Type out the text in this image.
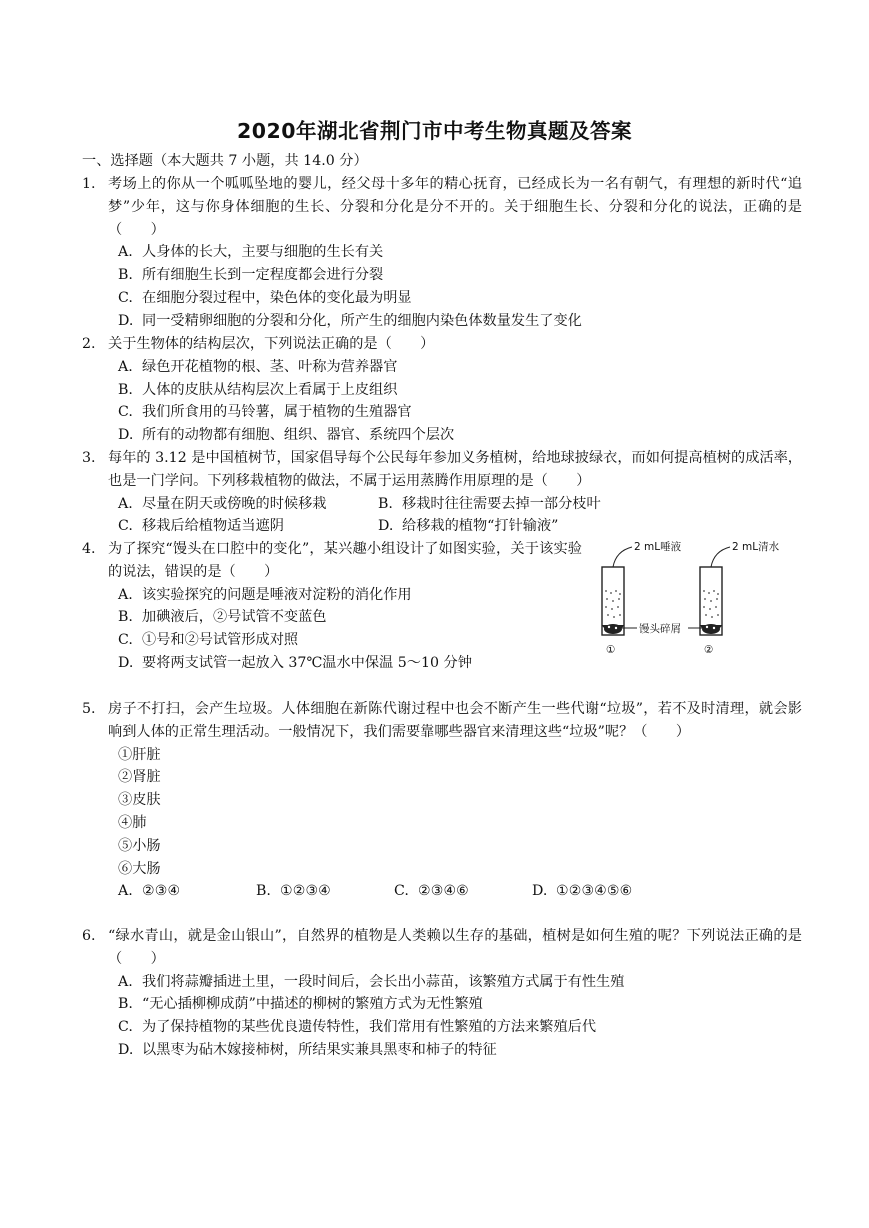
2020年湖北省荆门市中考生物真题及答案
一、选择题（本大题共 7 小题，共 14.0 分）
1. 考场上的你从一个呱呱坠地的婴儿，经父母十多年的精心抚育，已经成长为一名有朝气，有理想的新时代“追梦”少年，这与你身体细胞的生长、分裂和分化是分不开的。关于细胞生长、分裂和分化的说法，正确的是（　　）
A. 人身体的长大，主要与细胞的生长有关
B. 所有细胞生长到一定程度都会进行分裂
C. 在细胞分裂过程中，染色体的变化最为明显
D. 同一受精卵细胞的分裂和分化，所产生的细胞内染色体数量发生了变化
2. 关于生物体的结构层次，下列说法正确的是（　　）
A. 绿色开花植物的根、茎、叶称为营养器官
B. 人体的皮肤从结构层次上看属于上皮组织
C. 我们所食用的马铃薯，属于植物的生殖器官
D. 所有的动物都有细胞、组织、器官、系统四个层次
3. 每年的 3.12 是中国植树节，国家倡导每个公民每年参加义务植树，给地球披绿衣，而如何提高植树的成活率，也是一门学问。下列移栽植物的做法，不属于运用蒸腾作用原理的是（　　）
A. 尽量在阴天或傍晚的时候移栽	B. 移栽时往往需要去掉一部分枝叶
C. 移栽后给植物适当遮阴	D. 给移栽的植物“打针输液”
4. 为了探究“馒头在口腔中的变化”，某兴趣小组设计了如图实验，关于该实验的说法，错误的是（　　）
A. 该实验探究的问题是唾液对淀粉的消化作用
B. 加碘液后，②号试管不变蓝色
C. ①号和②号试管形成对照
D. 要将两支试管一起放入 37℃温水中保温 5～10 分钟
2 mL唾液	2 mL清水
馒头碎屑
①	②
5. 房子不打扫，会产生垃圾。人体细胞在新陈代谢过程中也会不断产生一些代谢“垃圾”，若不及时清理，就会影响到人体的正常生理活动。一般情况下，我们需要靠哪些器官来清理这些“垃圾”呢？（　　）
①肝脏
②肾脏
③皮肤
④肺
⑤小肠
⑥大肠
A. ②③④	B. ①②③④	C. ②③④⑥	D. ①②③④⑤⑥
6. “绿水青山，就是金山银山”，自然界的植物是人类赖以生存的基础，植树是如何生殖的呢？下列说法正确的是（　　）
A. 我们将蒜瓣插进土里，一段时间后，会长出小蒜苗，该繁殖方式属于有性生殖
B. “无心插柳柳成荫”中描述的柳树的繁殖方式为无性繁殖
C. 为了保持植物的某些优良遗传特性，我们常用有性繁殖的方法来繁殖后代
D. 以黑枣为砧木嫁接柿树，所结果实兼具黑枣和柿子的特征
